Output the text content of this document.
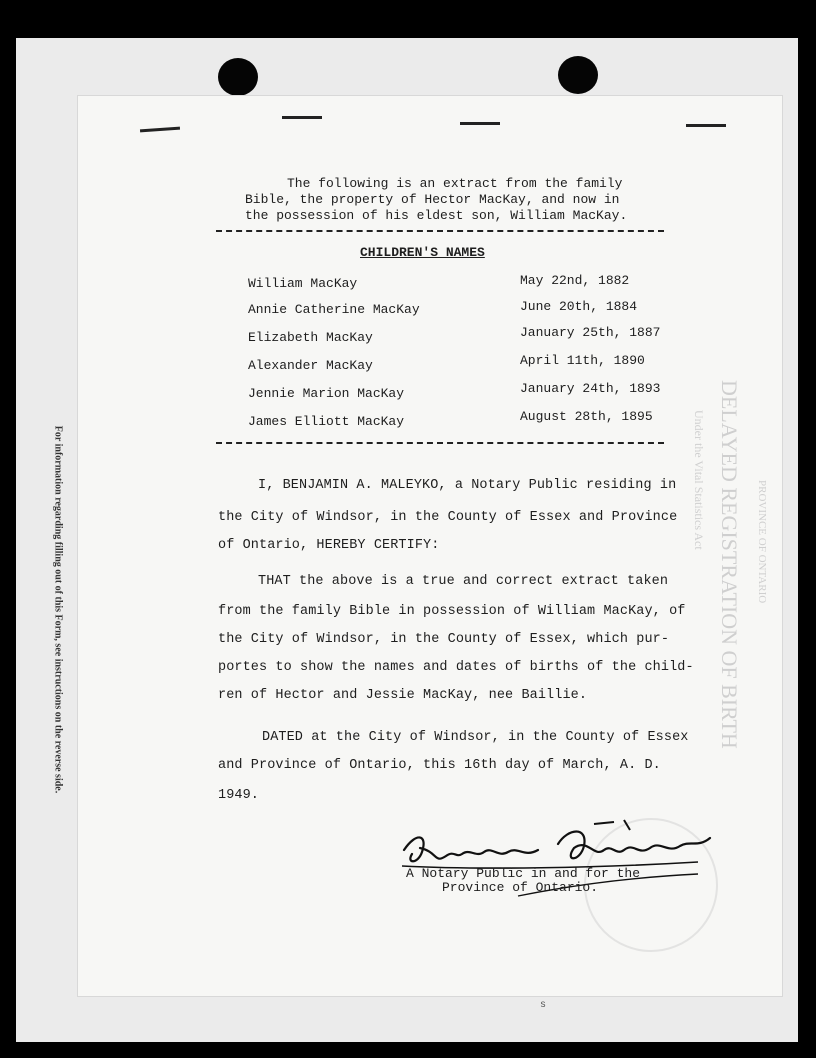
For information regarding filling out of this Form, see instructions on the reverse side.	DELAYED REGISTRATION OF BIRTH
Under the Vital Statistics Act	PROVINCE OF ONTARIO
The following is an extract from the family
Bible, the property of Hector MacKay, and now in
the possession of his eldest son, William MacKay.
CHILDREN'S NAMES
William MacKay	May 22nd, 1882
Annie Catherine MacKay	June 20th, 1884
Elizabeth MacKay	January 25th, 1887
Alexander MacKay	April 11th, 1890
Jennie Marion MacKay	January 24th, 1893
James Elliott MacKay	August 28th, 1895
I, BENJAMIN A. MALEYKO, a Notary Public residing in
the City of Windsor, in the County of Essex and Province
of Ontario, HEREBY CERTIFY:
THAT the above is a true and correct extract taken
from the family Bible in possession of William MacKay, of
the City of Windsor, in the County of Essex, which pur-
portes to show the names and dates of births of the child-
ren of Hector and Jessie MacKay, nee Baillie.
DATED at the City of Windsor, in the County of Essex
and Province of Ontario, this 16th day of March, A. D.
1949.
A Notary Public in and for the
Province of Ontario.
s
